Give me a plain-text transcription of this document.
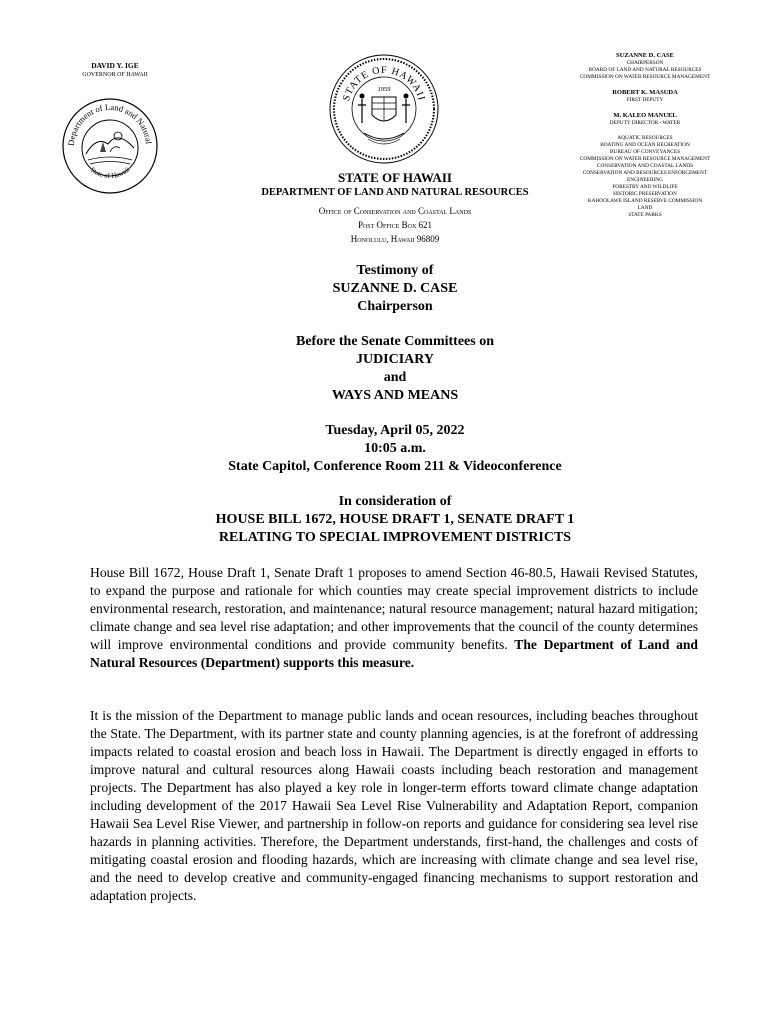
DAVID Y. IGE
GOVERNOR OF HAWAII
Department of Land and Natural
State of Hawaii
STATE OF HAWAII
1959
SUZANNE D. CASE
CHAIRPERSON
BOARD OF LAND AND NATURAL RESOURCES
COMMISSION ON WATER RESOURCE MANAGEMENT
ROBERT K. MASUDA
FIRST DEPUTY
M. KALEO MANUEL
DEPUTY DIRECTOR - WATER
AQUATIC RESOURCES
BOATING AND OCEAN RECREATION
BUREAU OF CONVEYANCES
COMMISSION ON WATER RESOURCE MANAGEMENT
CONSERVATION AND COASTAL LANDS
CONSERVATION AND RESOURCES ENFORCEMENT
ENGINEERING
FORESTRY AND WILDLIFE
HISTORIC PRESERVATION
KAHOOLAWE ISLAND RESERVE COMMISSION
LAND
STATE PARKS
STATE OF HAWAII
DEPARTMENT OF LAND AND NATURAL RESOURCES
Office of Conservation and Coastal Lands
Post Office Box 621
Honolulu, Hawaii 96809
Testimony of
SUZANNE D. CASE
Chairperson
Before the Senate Committees on
JUDICIARY
and
WAYS AND MEANS
Tuesday, April 05, 2022
10:05 a.m.
State Capitol, Conference Room 211 & Videoconference
In consideration of
HOUSE BILL 1672, HOUSE DRAFT 1, SENATE DRAFT 1
RELATING TO SPECIAL IMPROVEMENT DISTRICTS
House Bill 1672, House Draft 1, Senate Draft 1 proposes to amend Section 46-80.5, Hawaii Revised Statutes, to expand the purpose and rationale for which counties may create special improvement districts to include environmental research, restoration, and maintenance; natural resource management; natural hazard mitigation; climate change and sea level rise adaptation; and other improvements that the council of the county determines will improve environmental conditions and provide community benefits. The Department of Land and Natural Resources (Department) supports this measure.
It is the mission of the Department to manage public lands and ocean resources, including beaches throughout the State. The Department, with its partner state and county planning agencies, is at the forefront of addressing impacts related to coastal erosion and beach loss in Hawaii. The Department is directly engaged in efforts to improve natural and cultural resources along Hawaii coasts including beach restoration and management projects. The Department has also played a key role in longer-term efforts toward climate change adaptation including development of the 2017 Hawaii Sea Level Rise Vulnerability and Adaptation Report, companion Hawaii Sea Level Rise Viewer, and partnership in follow-on reports and guidance for considering sea level rise hazards in planning activities. Therefore, the Department understands, first-hand, the challenges and costs of mitigating coastal erosion and flooding hazards, which are increasing with climate change and sea level rise, and the need to develop creative and community-engaged financing mechanisms to support restoration and adaptation projects.
